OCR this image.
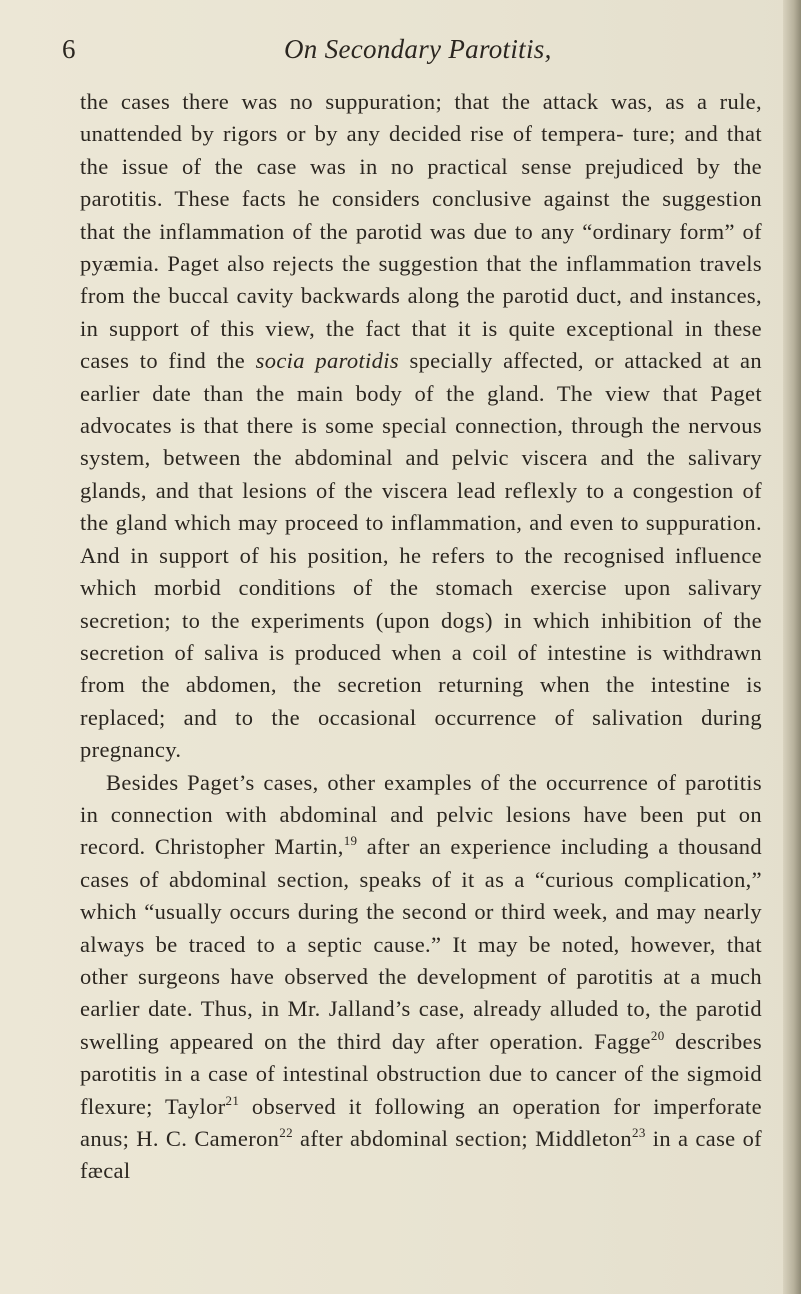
6	On Secondary Parotitis,

the cases there was no suppuration; that the attack was, as a rule, unattended by rigors or by any decided rise of tempera- ture; and that the issue of the case was in no practical sense prejudiced by the parotitis. These facts he considers conclusive against the suggestion that the inflammation of the parotid was due to any “ordinary form” of pyæmia. Paget also rejects the suggestion that the inflammation travels from the buccal cavity backwards along the parotid duct, and instances, in support of this view, the fact that it is quite exceptional in these cases to find the socia parotidis specially affected, or attacked at an earlier date than the main body of the gland. The view that Paget advocates is that there is some special connection, through the nervous system, between the abdominal and pelvic viscera and the salivary glands, and that lesions of the viscera lead reflexly to a congestion of the gland which may proceed to inflammation, and even to suppuration. And in support of his position, he refers to the recognised influence which morbid conditions of the stomach exercise upon salivary secretion; to the experiments (upon dogs) in which inhibition of the secretion of saliva is produced when a coil of intestine is withdrawn from the abdomen, the secretion returning when the intestine is replaced; and to the occasional occurrence of salivation during pregnancy.

Besides Paget’s cases, other examples of the occurrence of parotitis in connection with abdominal and pelvic lesions have been put on record. Christopher Martin,$^{19}$ after an experience including a thousand cases of abdominal section, speaks of it as a “curious complication,” which “usually occurs during the second or third week, and may nearly always be traced to a septic cause.” It may be noted, however, that other surgeons have observed the development of parotitis at a much earlier date. Thus, in Mr. Jalland’s case, already alluded to, the parotid swelling appeared on the third day after operation. Fagge$^{20}$ describes parotitis in a case of intestinal obstruction due to cancer of the sigmoid flexure; Taylor$^{21}$ observed it following an operation for imperforate anus; H. C. Cameron$^{22}$ after abdominal section; Middleton$^{23}$ in a case of fæcal
